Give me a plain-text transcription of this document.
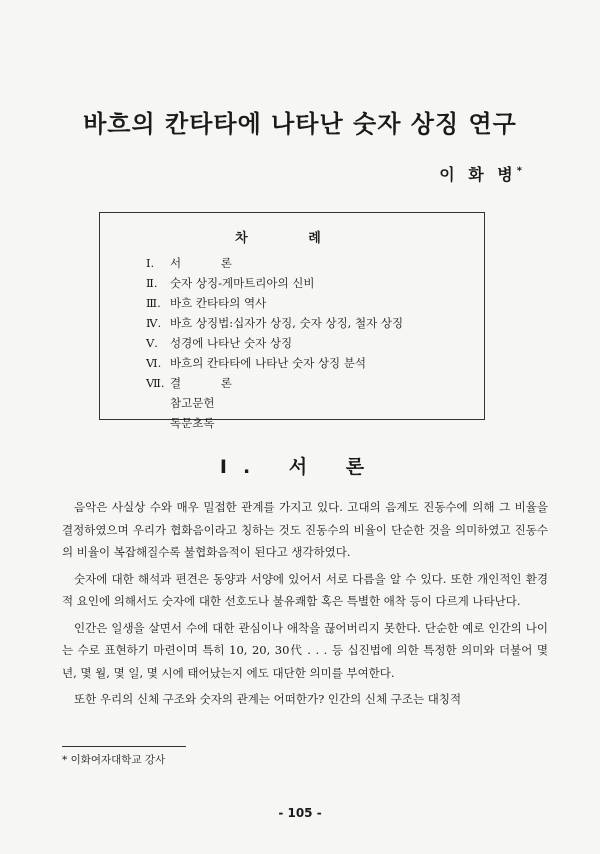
바흐의 칸타타에 나타난 숫자 상징 연구
이 화 병*
차 례
Ⅰ. 서 론
Ⅱ. 숫자 상징-게마트리아의 신비
Ⅲ. 바흐 칸타타의 역사
Ⅳ. 바흐 상징법:십자가 상징, 숫자 상징, 철자 상징
Ⅴ. 성경에 나타난 숫자 상징
Ⅵ. 바흐의 칸타타에 나타난 숫자 상징 분석
Ⅶ. 결 론
참고문헌
독문초록
Ⅰ. 서 론

음악은 사실상 수와 매우 밀접한 관계를 가지고 있다. 고대의 음계도 진동수에 의해 그 비율을 결정하였으며 우리가 협화음이라고 칭하는 것도 진동수의 비율이 단순한 것을 의미하였고 진동수의 비율이 복잡해질수록 불협화음적이 된다고 생각하였다.

숫자에 대한 해석과 편견은 동양과 서양에 있어서 서로 다름을 알 수 있다. 또한 개인적인 환경적 요인에 의해서도 숫자에 대한 선호도나 불유쾌함 혹은 특별한 애착 등이 다르게 나타난다.

인간은 일생을 살면서 수에 대한 관심이나 애착을 끊어버리지 못한다. 단순한 예로 인간의 나이는 수로 표현하기 마련이며 특히 10, 20, 30代 . . . 등 십진법에 의한 특정한 의미와 더불어 몇 년, 몇 월, 몇 일, 몇 시에 태어났는지 에도 대단한 의미를 부여한다.

또한 우리의 신체 구조와 숫자의 관계는 어떠한가? 인간의 신체 구조는 대칭적

* 이화여자대학교 강사
- 105 -
